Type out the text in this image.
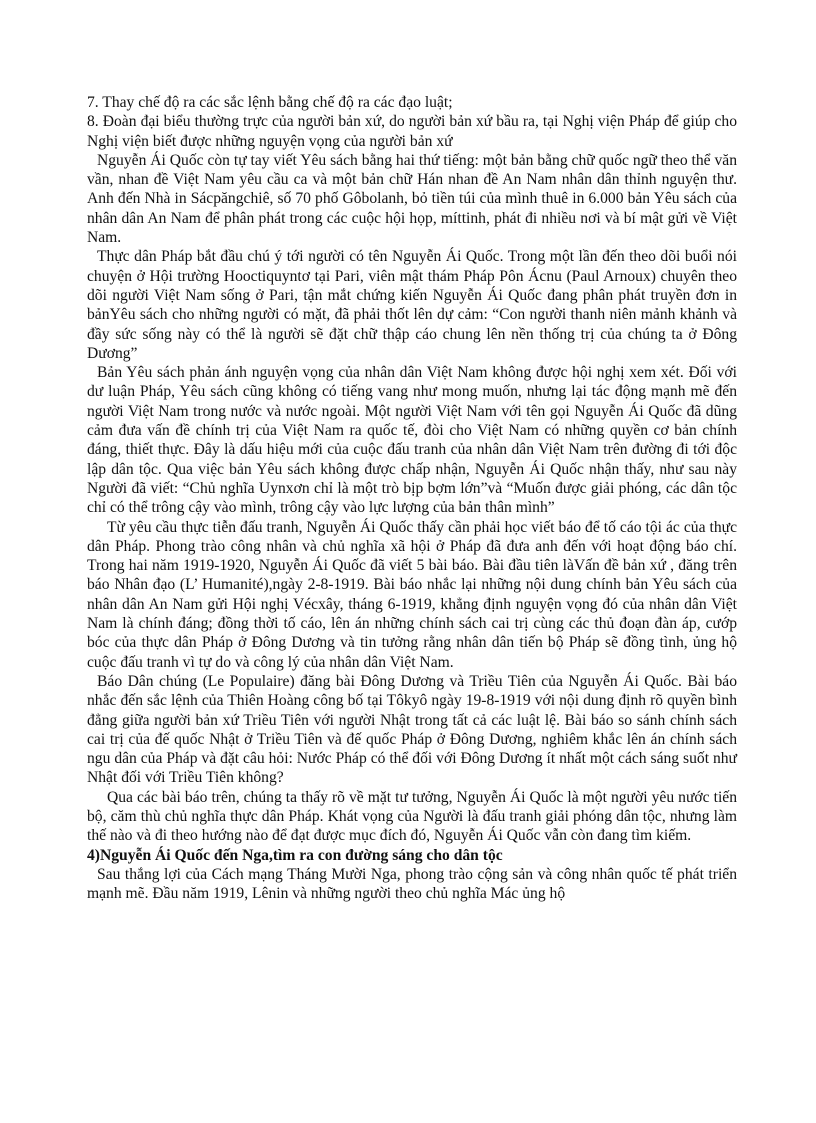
7. Thay chế độ ra các sắc lệnh bằng chế độ ra các đạo luật;

8. Đoàn đại biểu thường trực của người bản xứ, do người bản xứ bầu ra, tại Nghị viện Pháp để giúp cho Nghị viện biết được những nguyện vọng của người bản xứ

Nguyễn Ái Quốc còn tự tay viết Yêu sách bằng hai thứ tiếng: một bản bằng chữ quốc ngữ theo thể văn vần, nhan đề Việt Nam yêu cầu ca và một bản chữ Hán nhan đề An Nam nhân dân thỉnh nguyện thư. Anh đến Nhà in Sácpăngchiê, số 70 phố Gôbolanh, bỏ tiền túi của mình thuê in 6.000 bản Yêu sách của nhân dân An Nam để phân phát trong các cuộc hội họp, míttinh, phát đi nhiều nơi và bí mật gửi về Việt Nam.

Thực dân Pháp bắt đầu chú ý tới người có tên Nguyễn Ái Quốc. Trong một lần đến theo dõi buổi nói chuyện ở Hội trường Hooctiquyntơ tại Pari, viên mật thám Pháp Pôn Ácnu (Paul Arnoux) chuyên theo dõi người Việt Nam sống ở Pari, tận mắt chứng kiến Nguyễn Ái Quốc đang phân phát truyền đơn in bảnYêu sách cho những người có mặt, đã phải thốt lên dự cảm: “Con người thanh niên mảnh khảnh và đầy sức sống này có thể là người sẽ đặt chữ thập cáo chung lên nền thống trị của chúng ta ở Đông Dương”

Bản Yêu sách phản ánh nguyện vọng của nhân dân Việt Nam không được hội nghị xem xét. Đối với dư luận Pháp, Yêu sách cũng không có tiếng vang như mong muốn, nhưng lại tác động mạnh mẽ đến người Việt Nam trong nước và nước ngoài. Một người Việt Nam với tên gọi Nguyễn Ái Quốc đã dũng cảm đưa vấn đề chính trị của Việt Nam ra quốc tế, đòi cho Việt Nam có những quyền cơ bản chính đáng, thiết thực. Đây là dấu hiệu mới của cuộc đấu tranh của nhân dân Việt Nam trên đường đi tới độc lập dân tộc. Qua việc bản Yêu sách không được chấp nhận, Nguyễn Ái Quốc nhận thấy, như sau này Người đã viết: “Chủ nghĩa Uynxơn chỉ là một trò bịp bợm lớn”và “Muốn được giải phóng, các dân tộc chỉ có thể trông cậy vào mình, trông cậy vào lực lượng của bản thân mình”

Từ yêu cầu thực tiễn đấu tranh, Nguyễn Ái Quốc thấy cần phải học viết báo để tố cáo tội ác của thực dân Pháp. Phong trào công nhân và chủ nghĩa xã hội ở Pháp đã đưa anh đến với hoạt động báo chí. Trong hai năm 1919-1920, Nguyễn Ái Quốc đã viết 5 bài báo. Bài đầu tiên làVấn đề bản xứ , đăng trên báo Nhân đạo (L’ Humanité),ngày 2-8-1919. Bài báo nhắc lại những nội dung chính bản Yêu sách của nhân dân An Nam gửi Hội nghị Vécxây, tháng 6-1919, khẳng định nguyện vọng đó của nhân dân Việt Nam là chính đáng; đồng thời tố cáo, lên án những chính sách cai trị cùng các thủ đoạn đàn áp, cướp bóc của thực dân Pháp ở Đông Dương và tin tưởng rằng nhân dân tiến bộ Pháp sẽ đồng tình, ủng hộ cuộc đấu tranh vì tự do và công lý của nhân dân Việt Nam.

Báo Dân chúng (Le Populaire) đăng bài Đông Dương và Triều Tiên của Nguyễn Ái Quốc. Bài báo nhắc đến sắc lệnh của Thiên Hoàng công bố tại Tôkyô ngày 19-8-1919 với nội dung định rõ quyền bình đẳng giữa người bản xứ Triều Tiên với người Nhật trong tất cả các luật lệ. Bài báo so sánh chính sách cai trị của đế quốc Nhật ở Triều Tiên và đế quốc Pháp ở Đông Dương, nghiêm khắc lên án chính sách ngu dân của Pháp và đặt câu hỏi: Nước Pháp có thể đối với Đông Dương ít nhất một cách sáng suốt như Nhật đối với Triều Tiên không?

Qua các bài báo trên, chúng ta thấy rõ về mặt tư tưởng, Nguyễn Ái Quốc là một người yêu nước tiến bộ, căm thù chủ nghĩa thực dân Pháp. Khát vọng của Người là đấu tranh giải phóng dân tộc, nhưng làm thế nào và đi theo hướng nào để đạt được mục đích đó, Nguyễn Ái Quốc vẫn còn đang tìm kiếm.

4)Nguyễn Ái Quốc đến Nga,tìm ra con đường sáng cho dân tộc

Sau thắng lợi của Cách mạng Tháng Mười Nga, phong trào cộng sản và công nhân quốc tế phát triển mạnh mẽ. Đầu năm 1919, Lênin và những người theo chủ nghĩa Mác ủng hộ
